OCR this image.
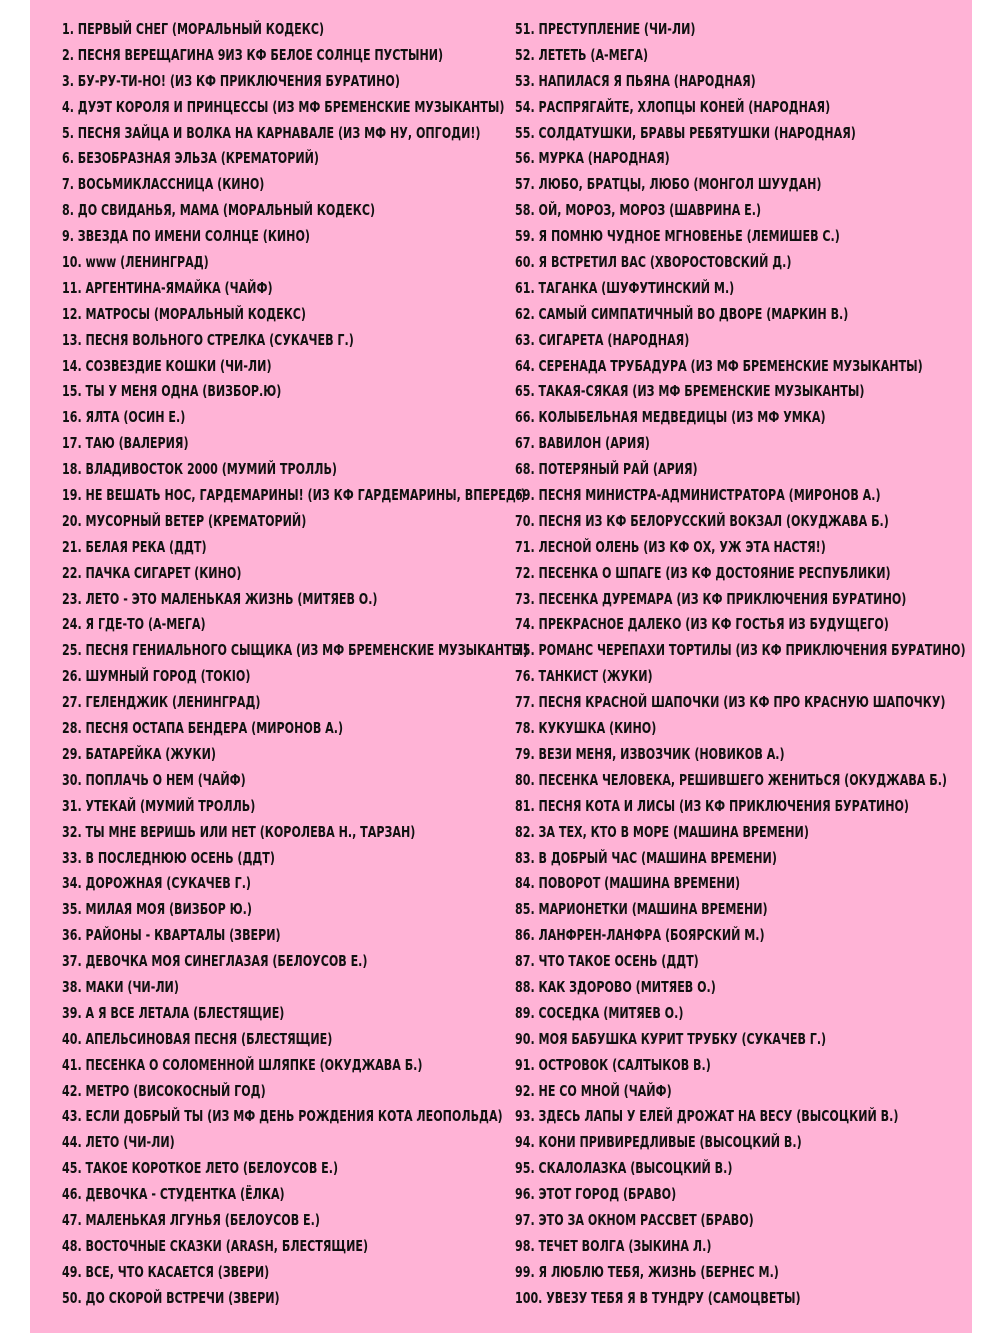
1. ПЕРВЫЙ СНЕГ (МОРАЛЬНЫЙ КОДЕКС)
2. ПЕСНЯ ВЕРЕЩАГИНА 9ИЗ КФ БЕЛОЕ СОЛНЦЕ ПУСТЫНИ)
3. БУ-РУ-ТИ-НО! (ИЗ КФ ПРИКЛЮЧЕНИЯ БУРАТИНО)
4. ДУЭТ КОРОЛЯ И ПРИНЦЕССЫ (ИЗ МФ БРЕМЕНСКИЕ МУЗЫКАНТЫ)
5. ПЕСНЯ ЗАЙЦА И ВОЛКА НА КАРНАВАЛЕ (ИЗ МФ НУ, ОПГОДИ!)
6. БЕЗОБРАЗНАЯ ЭЛЬЗА (КРЕМАТОРИЙ)
7. ВОСЬМИКЛАССНИЦА (КИНО)
8. ДО СВИДАНЬЯ, МАМА (МОРАЛЬНЫЙ КОДЕКС)
9. ЗВЕЗДА ПО ИМЕНИ СОЛНЦЕ (КИНО)
10. www (ЛЕНИНГРАД)
11. АРГЕНТИНА-ЯМАЙКА (ЧАЙФ)
12. МАТРОСЫ (МОРАЛЬНЫЙ КОДЕКС)
13. ПЕСНЯ ВОЛЬНОГО СТРЕЛКА (СУКАЧЕВ Г.)
14. СОЗВЕЗДИЕ КОШКИ (ЧИ-ЛИ)
15. ТЫ У МЕНЯ ОДНА (ВИЗБОР.Ю)
16. ЯЛТА (ОСИН Е.)
17. ТАЮ (ВАЛЕРИЯ)
18. ВЛАДИВОСТОК 2000 (МУМИЙ ТРОЛЛЬ)
19. НЕ ВЕШАТЬ НОС, ГАРДЕМАРИНЫ! (ИЗ КФ ГАРДЕМАРИНЫ, ВПЕРЕД!)
20. МУСОРНЫЙ ВЕТЕР (КРЕМАТОРИЙ)
21. БЕЛАЯ РЕКА (ДДТ)
22. ПАЧКА СИГАРЕТ (КИНО)
23. ЛЕТО - ЭТО МАЛЕНЬКАЯ ЖИЗНЬ (МИТЯЕВ О.)
24. Я ГДЕ-ТО (А-МЕГА)
25. ПЕСНЯ ГЕНИАЛЬНОГО СЫЩИКА (ИЗ МФ БРЕМЕНСКИЕ МУЗЫКАНТЫ)
26. ШУМНЫЙ ГОРОД (ТОКІО)
27. ГЕЛЕНДЖИК (ЛЕНИНГРАД)
28. ПЕСНЯ ОСТАПА БЕНДЕРА (МИРОНОВ А.)
29. БАТАРЕЙКА (ЖУКИ)
30. ПОПЛАЧЬ О НЕМ (ЧАЙФ)
31. УТЕКАЙ (МУМИЙ ТРОЛЛЬ)
32. ТЫ МНЕ ВЕРИШЬ ИЛИ НЕТ (КОРОЛЕВА Н., ТАРЗАН)
33. В ПОСЛЕДНЮЮ ОСЕНЬ (ДДТ)
34. ДОРОЖНАЯ (СУКАЧЕВ Г.)
35. МИЛАЯ МОЯ (ВИЗБОР Ю.)
36. РАЙОНЫ - КВАРТАЛЫ (ЗВЕРИ)
37. ДЕВОЧКА МОЯ СИНЕГЛАЗАЯ (БЕЛОУСОВ Е.)
38. МАКИ (ЧИ-ЛИ)
39. А Я ВСЕ ЛЕТАЛА (БЛЕСТЯЩИЕ)
40. АПЕЛЬСИНОВАЯ ПЕСНЯ (БЛЕСТЯЩИЕ)
41. ПЕСЕНКА О СОЛОМЕННОЙ ШЛЯПКЕ (ОКУДЖАВА Б.)
42. МЕТРО (ВИСОКОСНЫЙ ГОД)
43. ЕСЛИ ДОБРЫЙ ТЫ (ИЗ МФ ДЕНЬ РОЖДЕНИЯ КОТА ЛЕОПОЛЬДА)
44. ЛЕТО (ЧИ-ЛИ)
45. ТАКОЕ КОРОТКОЕ ЛЕТО (БЕЛОУСОВ Е.)
46. ДЕВОЧКА - СТУДЕНТКА (ЁЛКА)
47. МАЛЕНЬКАЯ ЛГУНЬЯ (БЕЛОУСОВ Е.)
48. ВОСТОЧНЫЕ СКАЗКИ (ARASH, БЛЕСТЯЩИЕ)
49. ВСЕ, ЧТО КАСАЕТСЯ (ЗВЕРИ)
50. ДО СКОРОЙ ВСТРЕЧИ (ЗВЕРИ)
51. ПРЕСТУПЛЕНИЕ (ЧИ-ЛИ)
52. ЛЕТЕТЬ (А-МЕГА)
53. НАПИЛАСЯ Я ПЬЯНА (НАРОДНАЯ)
54. РАСПРЯГАЙТЕ, ХЛОПЦЫ КОНЕЙ (НАРОДНАЯ)
55. СОЛДАТУШКИ, БРАВЫ РЕБЯТУШКИ (НАРОДНАЯ)
56. МУРКА (НАРОДНАЯ)
57. ЛЮБО, БРАТЦЫ, ЛЮБО (МОНГОЛ ШУУДАН)
58. ОЙ, МОРОЗ, МОРОЗ (ШАВРИНА Е.)
59. Я ПОМНЮ ЧУДНОЕ МГНОВЕНЬЕ (ЛЕМИШЕВ С.)
60. Я ВСТРЕТИЛ ВАС (ХВОРОСТОВСКИЙ Д.)
61. ТАГАНКА (ШУФУТИНСКИЙ М.)
62. САМЫЙ СИМПАТИЧНЫЙ ВО ДВОРЕ (МАРКИН В.)
63. СИГАРЕТА (НАРОДНАЯ)
64. СЕРЕНАДА ТРУБАДУРА (ИЗ МФ БРЕМЕНСКИЕ МУЗЫКАНТЫ)
65. ТАКАЯ-СЯКАЯ (ИЗ МФ БРЕМЕНСКИЕ МУЗЫКАНТЫ)
66. КОЛЫБЕЛЬНАЯ МЕДВЕДИЦЫ (ИЗ МФ УМКА)
67. ВАВИЛОН (АРИЯ)
68. ПОТЕРЯНЫЙ РАЙ (АРИЯ)
69. ПЕСНЯ МИНИСТРА-АДМИНИСТРАТОРА (МИРОНОВ А.)
70. ПЕСНЯ ИЗ КФ БЕЛОРУССКИЙ ВОКЗАЛ (ОКУДЖАВА Б.)
71. ЛЕСНОЙ ОЛЕНЬ (ИЗ КФ ОХ, УЖ ЭТА НАСТЯ!)
72. ПЕСЕНКА О ШПАГЕ (ИЗ КФ ДОСТОЯНИЕ РЕСПУБЛИКИ)
73. ПЕСЕНКА ДУРЕМАРА (ИЗ КФ ПРИКЛЮЧЕНИЯ БУРАТИНО)
74. ПРЕКРАСНОЕ ДАЛЕКО (ИЗ КФ ГОСТЬЯ ИЗ БУДУЩЕГО)
75. РОМАНС ЧЕРЕПАХИ ТОРТИЛЫ (ИЗ КФ ПРИКЛЮЧЕНИЯ БУРАТИНО)
76. ТАНКИСТ (ЖУКИ)
77. ПЕСНЯ КРАСНОЙ ШАПОЧКИ (ИЗ КФ ПРО КРАСНУЮ ШАПОЧКУ)
78. КУКУШКА (КИНО)
79. ВЕЗИ МЕНЯ, ИЗВОЗЧИК (НОВИКОВ А.)
80. ПЕСЕНКА ЧЕЛОВЕКА, РЕШИВШЕГО ЖЕНИТЬСЯ (ОКУДЖАВА Б.)
81. ПЕСНЯ КОТА И ЛИСЫ (ИЗ КФ ПРИКЛЮЧЕНИЯ БУРАТИНО)
82. ЗА ТЕХ, КТО В МОРЕ (МАШИНА ВРЕМЕНИ)
83. В ДОБРЫЙ ЧАС (МАШИНА ВРЕМЕНИ)
84. ПОВОРОТ (МАШИНА ВРЕМЕНИ)
85. МАРИОНЕТКИ (МАШИНА ВРЕМЕНИ)
86. ЛАНФРЕН-ЛАНФРА (БОЯРСКИЙ М.)
87. ЧТО ТАКОЕ ОСЕНЬ (ДДТ)
88. КАК ЗДОРОВО (МИТЯЕВ О.)
89. СОСЕДКА (МИТЯЕВ О.)
90. МОЯ БАБУШКА КУРИТ ТРУБКУ (СУКАЧЕВ Г.)
91. ОСТРОВОК (САЛТЫКОВ В.)
92. НЕ СО МНОЙ (ЧАЙФ)
93. ЗДЕСЬ ЛАПЫ У ЕЛЕЙ ДРОЖАТ НА ВЕСУ (ВЫСОЦКИЙ В.)
94. КОНИ ПРИВИРЕДЛИВЫЕ (ВЫСОЦКИЙ В.)
95. СКАЛОЛАЗКА (ВЫСОЦКИЙ В.)
96. ЭТОТ ГОРОД (БРАВО)
97. ЭТО ЗА ОКНОМ РАССВЕТ (БРАВО)
98. ТЕЧЕТ ВОЛГА (ЗЫКИНА Л.)
99. Я ЛЮБЛЮ ТЕБЯ, ЖИЗНЬ (БЕРНЕС М.)
100. УВЕЗУ ТЕБЯ Я В ТУНДРУ (САМОЦВЕТЫ)
